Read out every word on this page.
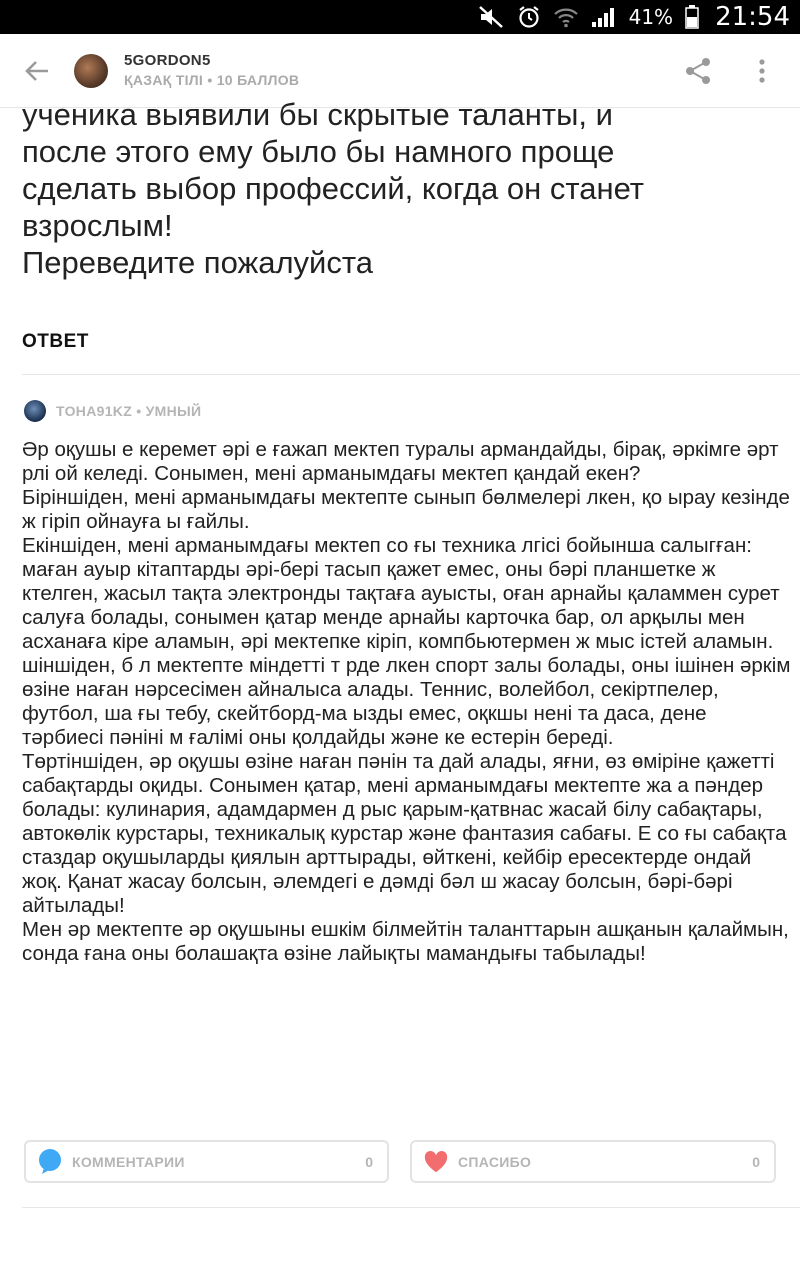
41% 21:54
5GORDON5
ҚАЗАҚ ТІЛІ • 10 БАЛЛОВ

ученика выявили бы скрытые таланты, и

после этого ему было бы намного проще

сделать выбор профессий, когда он станет

взрослым!

Переведите пожалуйста

ОТВЕТ
TOHA91KZ • УМНЫЙ

Әр оқушы е керемет әрі е ғажап мектеп туралы армандайды, бірақ, әркімге әрт рлі ой келеді. Сонымен, мені арманымдағы мектеп қандай екен?

Біріншіден, мені арманымдағы мектепте сынып бөлмелері лкен, қо ырау кезінде ж гіріп ойнауға ы ғайлы.

Екіншіден, мені арманымдағы мектеп со ғы техника лгісі бойынша салыгған: маған ауыр кітаптарды әрі-бері тасып қажет емес, оны бәрі планшетке ж ктелген, жасыл тақта электронды тақтаға ауысты, оған арнайы қаламмен сурет салуға болады, сонымен қатар менде арнайы карточка бар, ол арқылы мен асханаға кіре аламын, әрі мектепке кіріп, компбьютермен ж мыс істей аламын.

шіншіден, б л мектепте міндетті т рде лкен спорт залы болады, оны ішінен әркім өзіне наған нәрсесімен айналыса алады. Теннис, волейбол, секіртпелер, футбол, ша ғы тебу, скейтборд-ма ызды емес, оқкшы нені та даса, дене тәрбиесі пәніні м ғалімі оны қолдайды және ке естерін береді.

Төртіншіден, әр оқушы өзіне наған пәнін та дай алады, яғни, өз өміріне қажетті сабақтарды оқиды. Сонымен қатар, мені арманымдағы мектепте жа а пәндер болады: кулинария, адамдармен д рыс қарым-қатвнас жасай білу сабақтары, автокөлік курстары, техникалық курстар және фантазия сабағы. Е со ғы сабақта стаздар оқушыларды қиялын арттырады, өйткені, кейбір ересектерде ондай жоқ. Қанат жасау болсын, әлемдегі е дәмді бәл ш жасау болсын, бәрі-бәрі айтылады!

Мен әр мектепте әр оқушыны ешкім білмейтін таланттарын ашқанын қалаймын, сонда ғана оны болашақта өзіне лайықты мамандығы табылады!

КОММЕНТАРИИ	0	СПАСИБО	0
